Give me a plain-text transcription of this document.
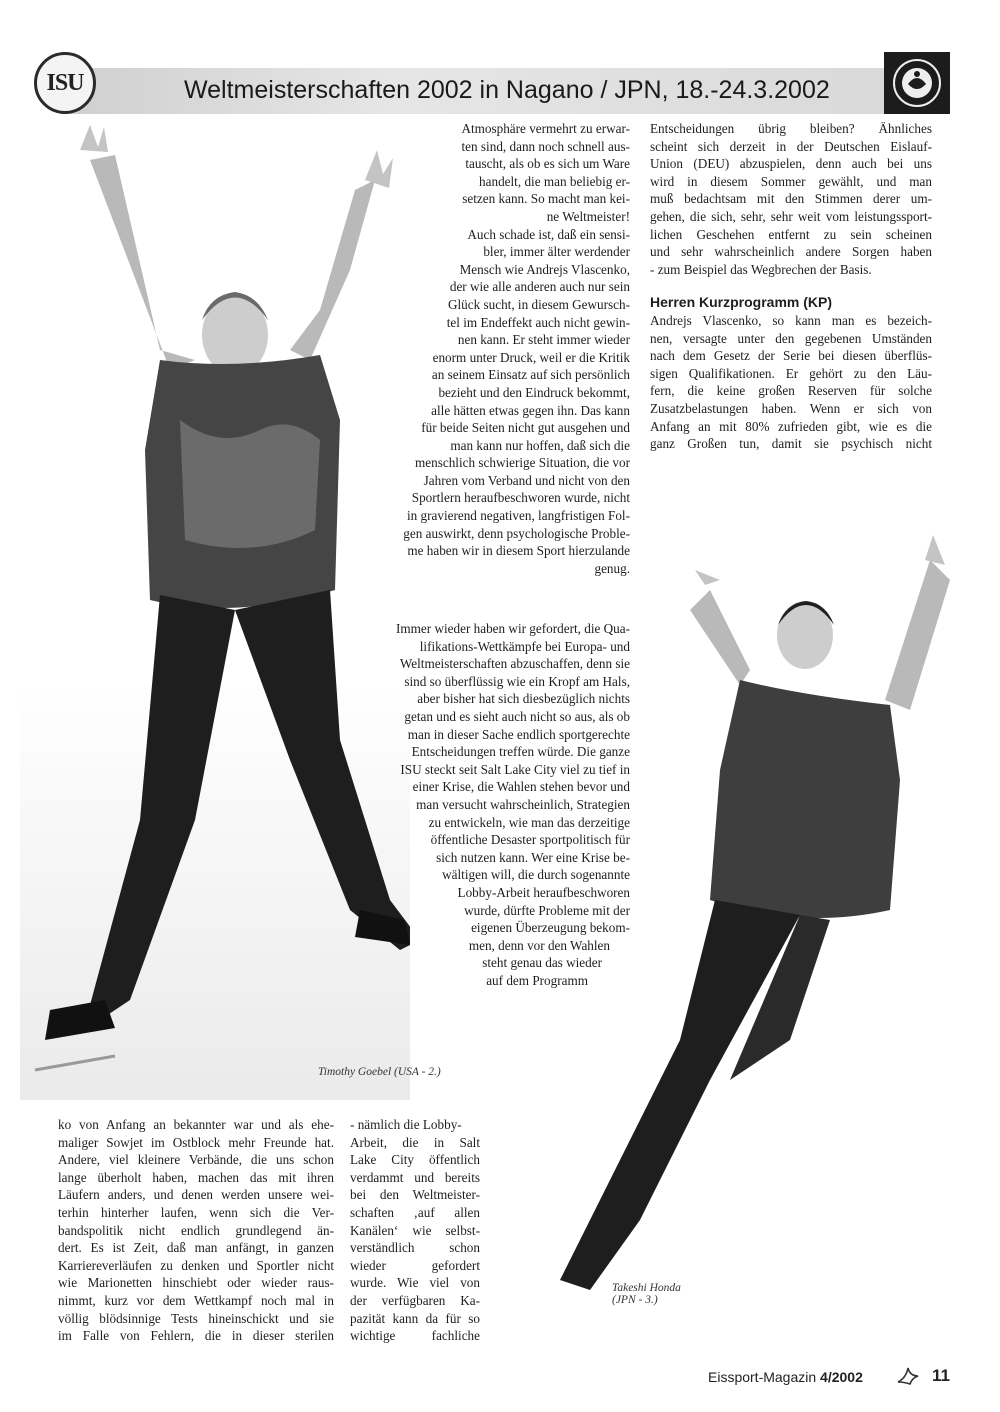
ISU	Weltmeisterschaften 2002 in Nagano / JPN, 18.-24.3.2002
Atmosphäre vermehrt zu erwar-
ten sind, dann noch schnell aus-
tauscht, als ob es sich um Ware
handelt, die man beliebig er-
setzen kann. So macht man kei-
ne Weltmeister!
Auch schade ist, daß ein sensi-
bler, immer älter werdender
Mensch wie Andrejs Vlascenko,
der wie alle anderen auch nur sein
Glück sucht, in diesem Gewursch-
tel im Endeffekt auch nicht gewin-
nen kann. Er steht immer wieder
enorm unter Druck, weil er die Kritik
an seinem Einsatz auf sich persönlich
bezieht und den Eindruck bekommt,
alle hätten etwas gegen ihn. Das kann
für beide Seiten nicht gut ausgehen und
man kann nur hoffen, daß sich die
menschlich schwierige Situation, die vor
Jahren vom Verband und nicht von den
Sportlern heraufbeschworen wurde, nicht
in gravierend negativen, langfristigen Fol-
gen auswirkt, denn psychologische Proble-
me haben wir in diesem Sport hierzulande
genug.
Immer wieder haben wir gefordert, die Qua-
lifikations-Wettkämpfe bei Europa- und
Weltmeisterschaften abzuschaffen, denn sie
sind so überflüssig wie ein Kropf am Hals,
aber bisher hat sich diesbezüglich nichts
getan und es sieht auch nicht so aus, als ob
man in dieser Sache endlich sportgerechte
Entscheidungen treffen würde. Die ganze
ISU steckt seit Salt Lake City viel zu tief in
einer Krise, die Wahlen stehen bevor und
man versucht wahrscheinlich, Strategien
zu entwickeln, wie man das derzeitige
öffentliche Desaster sportpolitisch für
sich nutzen kann. Wer eine Krise be-
wältigen will, die durch sogenannte
Lobby-Arbeit heraufbeschworen
wurde, dürfte Probleme mit der
eigenen Überzeugung bekom-
men, denn vor den Wahlen
steht genau das wieder
auf dem Programm
Entscheidungen übrig bleiben? Ähnliches
scheint sich derzeit in der Deutschen Eislauf-
Union (DEU) abzuspielen, denn auch bei uns
wird in diesem Sommer gewählt, und man
muß bedachtsam mit den Stimmen derer um-
gehen, die sich, sehr, sehr weit vom leistungssport-
lichen Geschehen entfernt zu sein scheinen
und sehr wahrscheinlich andere Sorgen haben
- zum Beispiel das Wegbrechen der Basis.
Herren Kurzprogramm (KP)
Andrejs Vlascenko, so kann man es bezeich-
nen, versagte unter den gegebenen Umständen
nach dem Gesetz der Serie bei diesen überflüs-
sigen Qualifikationen. Er gehört zu den Läu-
fern, die keine großen Reserven für solche
Zusatzbelastungen haben. Wenn er sich von
Anfang an mit 80% zufrieden gibt, wie es die
ganz Großen tun, damit sie psychisch nicht
Timothy Goebel (USA - 2.)
Takeshi Honda
(JPN - 3.)
ko von Anfang an bekannter war und als ehe-
maliger Sowjet im Ostblock mehr Freunde hat.
Andere, viel kleinere Verbände, die uns schon
lange überholt haben, machen das mit ihren
Läufern anders, und denen werden unsere wei-
terhin hinterher laufen, wenn sich die Ver-
bandspolitik nicht endlich grundlegend än-
dert. Es ist Zeit, daß man anfängt, in ganzen
Karriereverläufen zu denken und Sportler nicht
wie Marionetten hinschiebt oder wieder raus-
nimmt, kurz vor dem Wettkampf noch mal in
völlig blödsinnige Tests hineinschickt und sie
im Falle von Fehlern, die in dieser sterilen
- nämlich die Lobby-
Arbeit, die in Salt
Lake City öffentlich
verdammt und bereits
bei den Weltmeister-
schaften ‚auf allen
Kanälen‘ wie selbst-
verständlich schon
wieder gefordert
wurde. Wie viel von
der verfügbaren Ka-
pazität kann da für so
wichtige fachliche
Eissport-Magazin 4/2002	11
